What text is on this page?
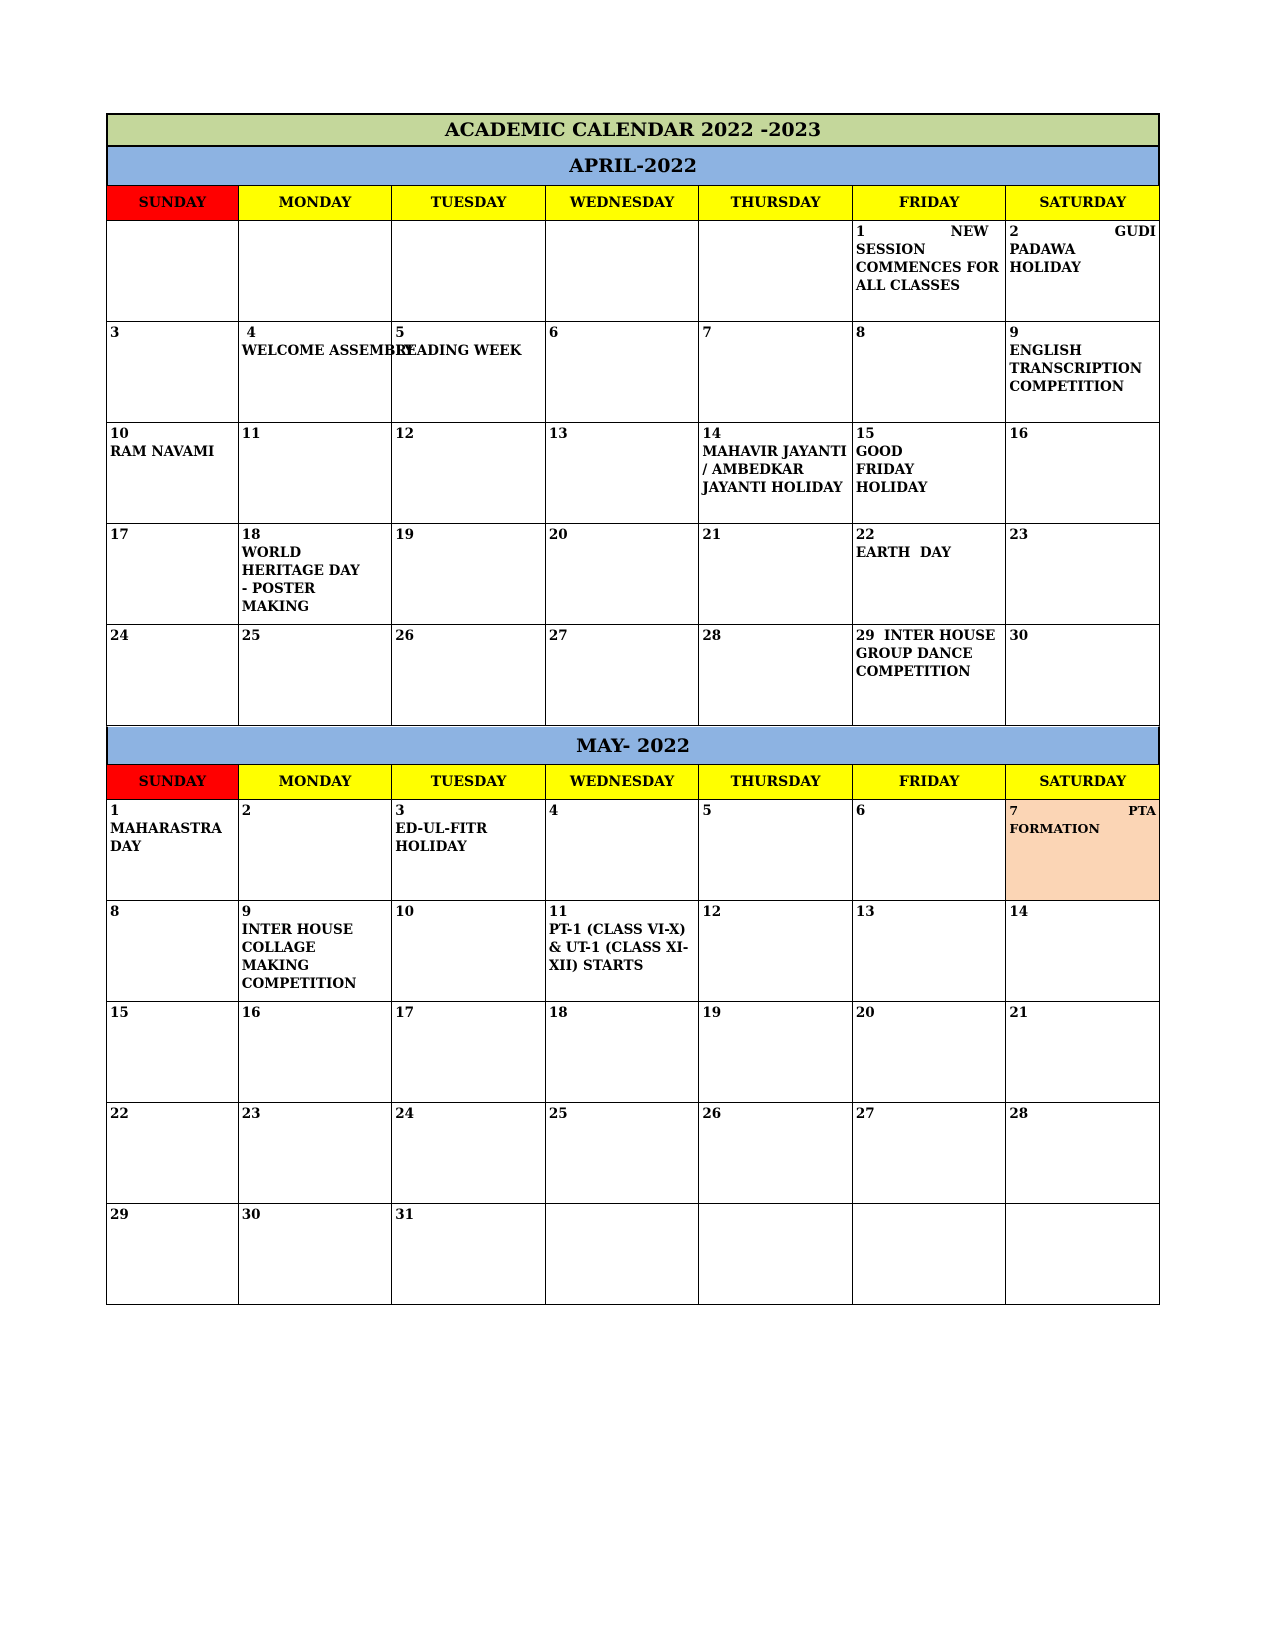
ACADEMIC CALENDAR 2022 -2023
APRIL-2022
SUNDAY	MONDAY	TUESDAY	WEDNESDAY	THURSDAY	FRIDAY	SATURDAY

					1 NEW
SESSION COMMENCES FOR ALL CLASSES	2 GUDI
PADAWA HOLIDAY

3	4
WELCOME ASSEMBLY	5
READING WEEK	6	7	8	9
ENGLISH TRANSCRIPTION COMPETITION

10
RAM NAVAMI	11	12	13	14
MAHAVIR JAYANTI / AMBEDKAR JAYANTI HOLIDAY	15
GOOD FRIDAY HOLIDAY	16

17	18
WORLD HERITAGE DAY  - POSTER MAKING	19	20	21	22
EARTH  DAY	23

24	25	26	27	28	29  INTER HOUSE
GROUP DANCE COMPETITION	30
MAY- 2022
SUNDAY	MONDAY	TUESDAY	WEDNESDAY	THURSDAY	FRIDAY	SATURDAY

1
MAHARASTRA DAY	2	3
ED-UL-FITR HOLIDAY	4	5	6	7 PTA
FORMATION

8	9
INTER HOUSE COLLAGE MAKING COMPETITION	10	11
PT-1 (CLASS VI-X)   & UT-1 (CLASS XI-XII) STARTS	12	13	14

15	16	17	18	19	20	21

22	23	24	25	26	27	28

29	30	31				
